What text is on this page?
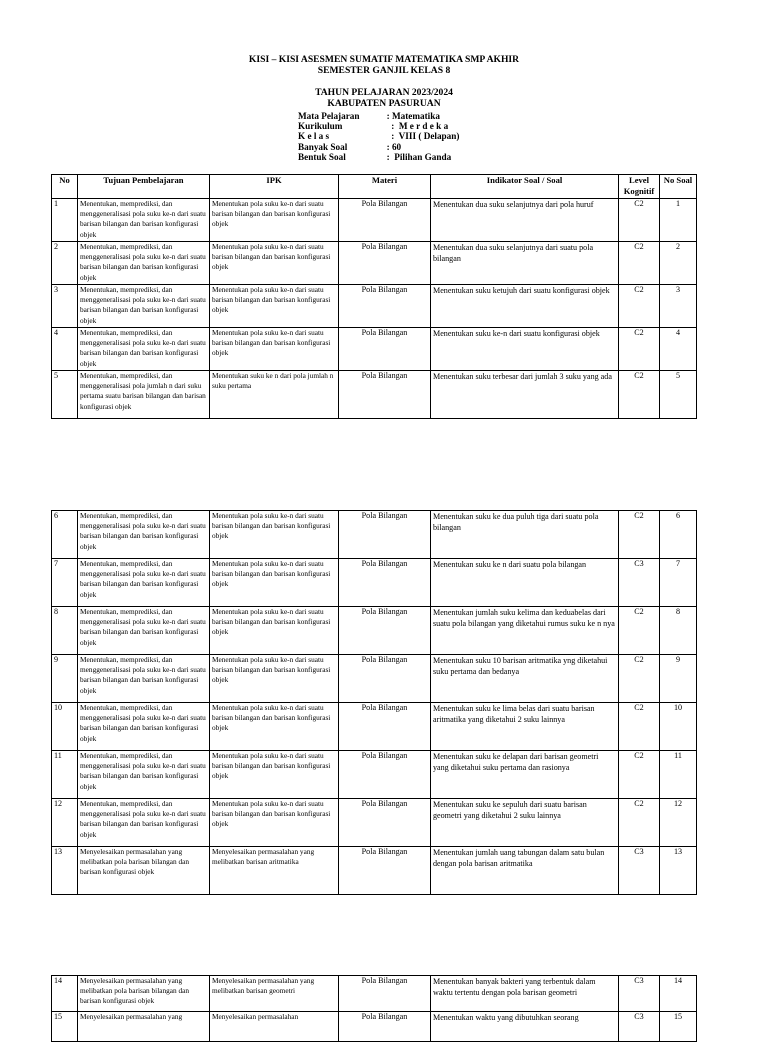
KISI – KISI ASESMEN SUMATIF MATEMATIKA SMP AKHIR
SEMESTER GANJIL KELAS 8
TAHUN PELAJARAN 2023/2024
KABUPATEN PASURUAN
Mata Pelajaran	: Matematika
Kurikulum	:  M e r d e k a
K e l a s	:  VIII ( Delapan)
Banyak Soal	: 60
Bentuk Soal	:  Pilihan Ganda
No	Tujuan Pembelajaran	IPK	Materi	Indikator Soal / Soal	Level Kognitif	No Soal
1	Menentukan, memprediksi, dan menggeneralisasi pola suku ke-n dari suatu barisan bilangan dan barisan konfigurasi objek	Menentukan pola suku ke-n dari suatu barisan bilangan dan barisan konfigurasi objek	Pola Bilangan	Menentukan dua suku selanjutnya dari pola huruf	C2	1
2	Menentukan, memprediksi, dan menggeneralisasi pola suku ke-n dari suatu barisan bilangan dan barisan konfigurasi objek	Menentukan pola suku ke-n dari suatu barisan bilangan dan barisan konfigurasi objek	Pola Bilangan	Menentukan dua suku selanjutnya dari suatu pola bilangan	C2	2
3	Menentukan, memprediksi, dan menggeneralisasi pola suku ke-n dari suatu barisan bilangan dan barisan konfigurasi objek	Menentukan pola suku ke-n dari suatu barisan bilangan dan barisan konfigurasi objek	Pola Bilangan	Menentukan suku ketujuh dari suatu konfigurasi objek	C2	3
4	Menentukan, memprediksi, dan menggeneralisasi pola suku ke-n dari suatu barisan bilangan dan barisan konfigurasi objek	Menentukan pola suku ke-n dari suatu barisan bilangan dan barisan konfigurasi objek	Pola Bilangan	Menentukan suku ke-n dari suatu konfigurasi objek	C2	4
5	Menentukan, memprediksi, dan menggeneralisasi pola jumlah n dari suku pertama suatu barisan bilangan dan barisan konfigurasi objek	Menentukan suku ke n dari pola jumlah n suku pertama	Pola Bilangan	Menentukan suku terbesar dari jumlah 3 suku yang ada	C2	5
6	Menentukan, memprediksi, dan menggeneralisasi pola suku ke-n dari suatu barisan bilangan dan barisan konfigurasi objek	Menentukan pola suku ke-n dari suatu barisan bilangan dan barisan konfigurasi objek	Pola Bilangan	Menentukan suku ke dua puluh tiga dari suatu pola bilangan	C2	6
7	Menentukan, memprediksi, dan menggeneralisasi pola suku ke-n dari suatu barisan bilangan dan barisan konfigurasi objek	Menentukan pola suku ke-n dari suatu barisan bilangan dan barisan konfigurasi objek	Pola Bilangan	Menentukan suku ke n dari suatu pola bilangan	C3	7
8	Menentukan, memprediksi, dan menggeneralisasi pola suku ke-n dari suatu barisan bilangan dan barisan konfigurasi objek	Menentukan pola suku ke-n dari suatu barisan bilangan dan barisan konfigurasi objek	Pola Bilangan	Menentukan jumlah suku kelima dan keduabelas dari suatu pola bilangan yang diketahui rumus suku ke n nya	C2	8
9	Menentukan, memprediksi, dan menggeneralisasi pola suku ke-n dari suatu barisan bilangan dan barisan konfigurasi objek	Menentukan pola suku ke-n dari suatu barisan bilangan dan barisan konfigurasi objek	Pola Bilangan	Menentukan suku 10 barisan aritmatika yng diketahui suku pertama dan bedanya	C2	9
10	Menentukan, memprediksi, dan menggeneralisasi pola suku ke-n dari suatu barisan bilangan dan barisan konfigurasi objek	Menentukan pola suku ke-n dari suatu barisan bilangan dan barisan konfigurasi objek	Pola Bilangan	Menentukan suku ke lima belas dari suatu barisan aritmatika yang diketahui 2 suku lainnya	C2	10
11	Menentukan, memprediksi, dan menggeneralisasi pola suku ke-n dari suatu barisan bilangan dan barisan konfigurasi objek	Menentukan pola suku ke-n dari suatu barisan bilangan dan barisan konfigurasi objek	Pola Bilangan	Menentukan suku ke delapan dari barisan geometri yang diketahui suku pertama dan rasionya	C2	11
12	Menentukan, memprediksi, dan menggeneralisasi pola suku ke-n dari suatu barisan bilangan dan barisan konfigurasi objek	Menentukan pola suku ke-n dari suatu barisan bilangan dan barisan konfigurasi objek	Pola Bilangan	Menentukan suku ke sepuluh dari suatu barisan geometri yang diketahui 2 suku lainnya	C2	12
13	Menyelesaikan permasalahan yang melibatkan pola barisan bilangan dan barisan konfigurasi objek	Menyelesaikan permasalahan yang melibatkan barisan aritmatika	Pola Bilangan	Menentukan jumlah uang tabungan dalam satu bulan dengan pola barisan aritmatika	C3	13
14	Menyelesaikan permasalahan yang melibatkan pola barisan bilangan dan barisan konfigurasi objek	Menyelesaikan permasalahan yang melibatkan barisan geometri	Pola Bilangan	Menentukan banyak bakteri yang terbentuk dalam waktu tertentu dengan pola barisan geometri	C3	14
15	Menyelesaikan permasalahan yang	Menyelesaikan permasalahan	Pola Bilangan	Menentukan waktu yang dibutuhkan seorang	C3	15
